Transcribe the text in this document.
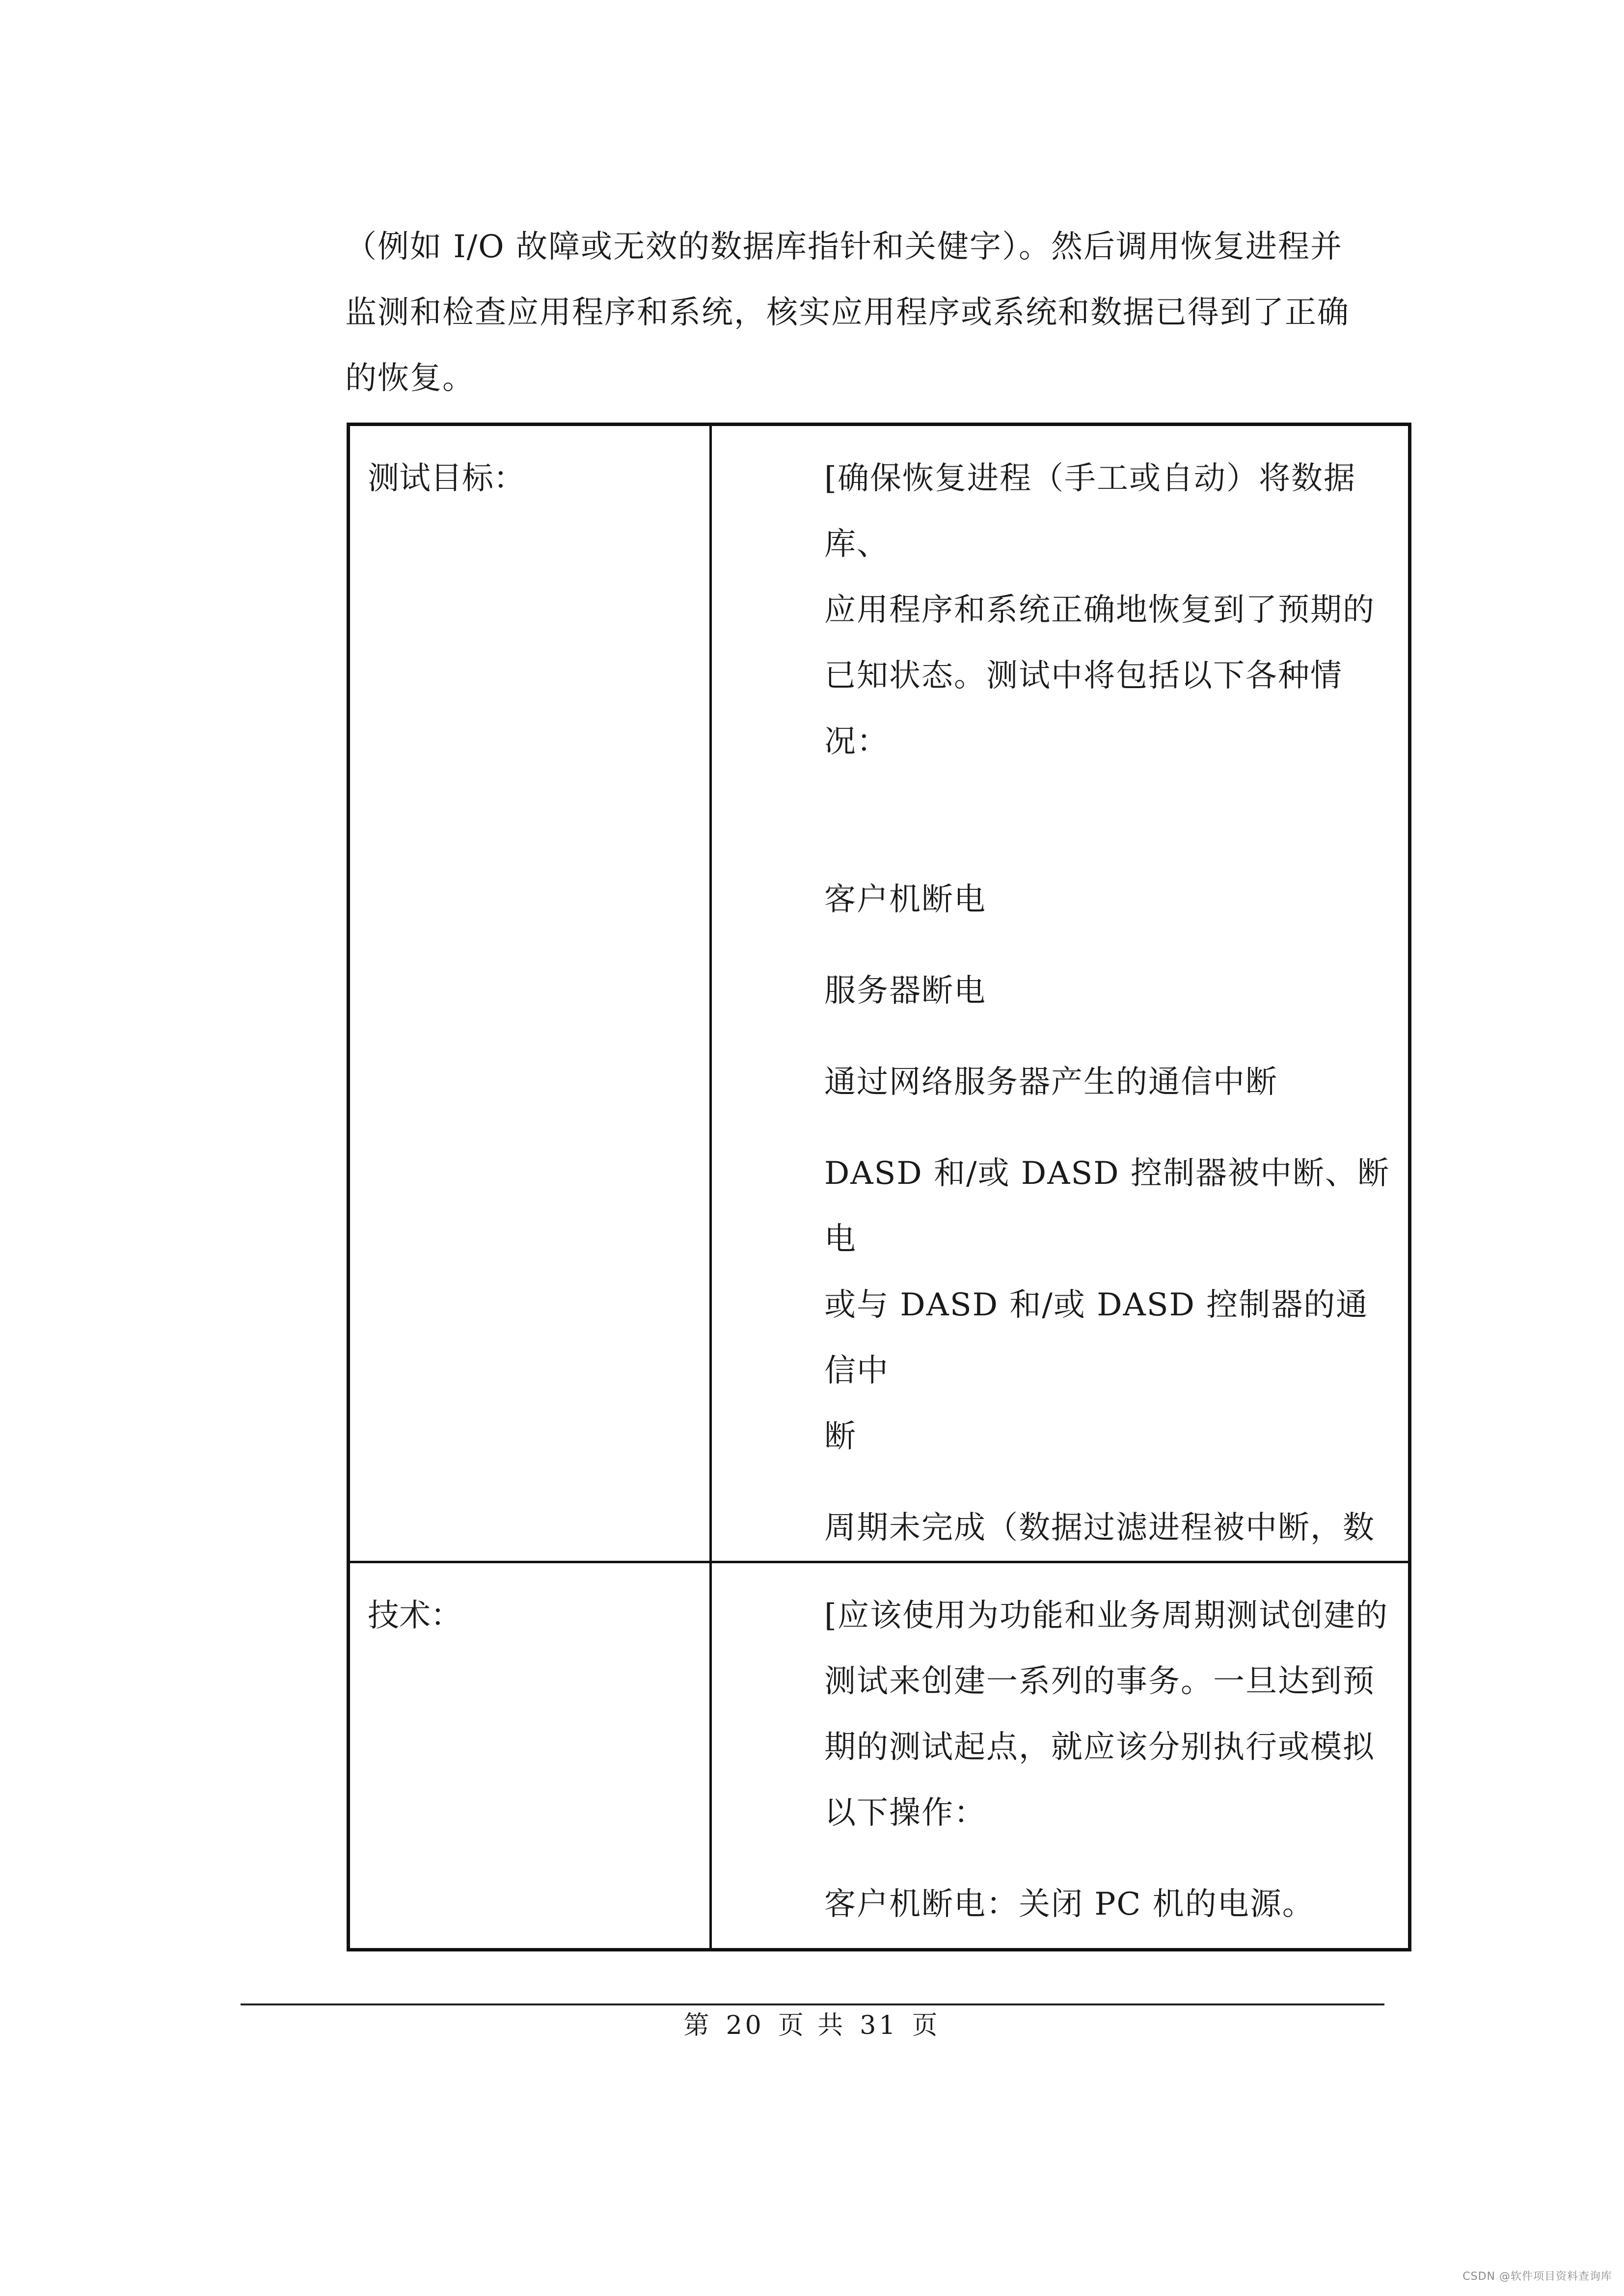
（例如 I/O 故障或无效的数据库指针和关健字）。然后调用恢复进程并

监测和检查应用程序和系统，核实应用程序或系统和数据已得到了正确

的恢复。

测试目标：	[确保恢复进程（手工或自动）将数据库、

应用程序和系统正确地恢复到了预期的

已知状态。测试中将包括以下各种情况：

客户机断电

服务器断电

通过网络服务器产生的通信中断

DASD 和/或 DASD 控制器被中断、断电

或与 DASD 和/或 DASD 控制器的通信中

断

周期未完成（数据过滤进程被中断，数

技术：	[应该使用为功能和业务周期测试创建的

测试来创建一系列的事务。一旦达到预

期的测试起点，就应该分别执行或模拟

以下操作：

客户机断电：关闭 PC 机的电源。

第 20 页 共 31 页
CSDN @软件项目资料查询库
